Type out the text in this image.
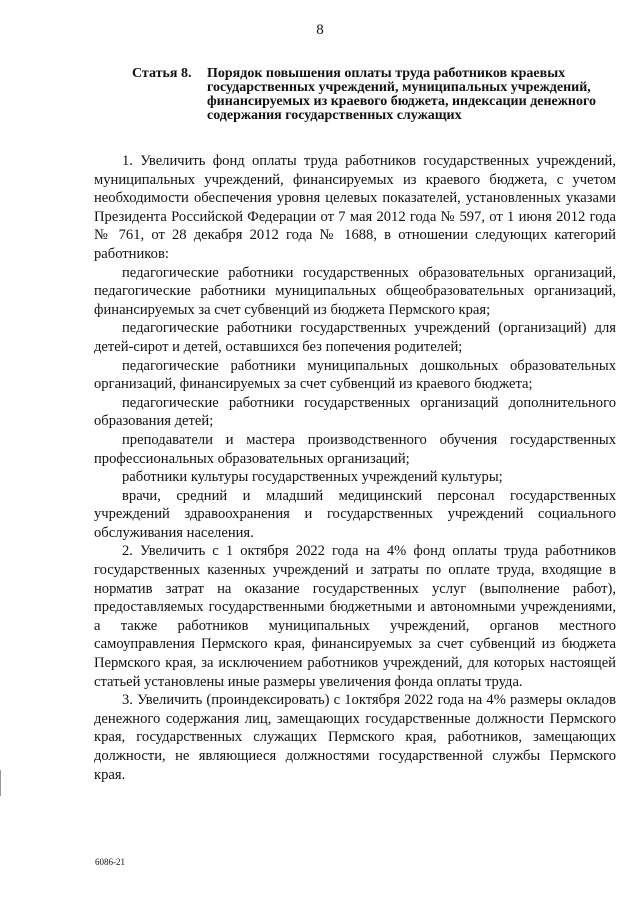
8
Статья 8.	Порядок повышения оплаты труда работников краевых государственных учреждений, муниципальных учреждений, финансируемых из краевого бюджета, индексации денежного содержания государственных служащих

1. Увеличить фонд оплаты труда работников государственных учреждений, муниципальных учреждений, финансируемых из краевого бюджета, с учетом необходимости обеспечения уровня целевых показателей, установленных указами Президента Российской Федерации от 7 мая 2012 года № 597, от 1 июня 2012 года № 761, от 28 декабря 2012 года № 1688, в отношении следующих категорий работников:

педагогические работники государственных образовательных организаций, педагогические работники муниципальных общеобразовательных организаций, финансируемых за счет субвенций из бюджета Пермского края;

педагогические работники государственных учреждений (организаций) для детей-сирот и детей, оставшихся без попечения родителей;

педагогические работники муниципальных дошкольных образовательных организаций, финансируемых за счет субвенций из краевого бюджета;

педагогические работники государственных организаций дополнительного образования детей;

преподаватели и мастера производственного обучения государственных профессиональных образовательных организаций;

работники культуры государственных учреждений культуры;

врачи, средний и младший медицинский персонал государственных учреждений здравоохранения и государственных учреждений социального обслуживания населения.

2. Увеличить с 1 октября 2022 года на 4% фонд оплаты труда работников государственных казенных учреждений и затраты по оплате труда, входящие в норматив затрат на оказание государственных услуг (выполнение работ), предоставляемых государственными бюджетными и автономными учреждениями, а также работников муниципальных учреждений, органов местного самоуправления Пермского края, финансируемых за счет субвенций из бюджета Пермского края, за исключением работников учреждений, для которых настоящей статьей установлены иные размеры увеличения фонда оплаты труда.

3. Увеличить (проиндексировать) с 1октября 2022 года на 4% размеры окладов денежного содержания лиц, замещающих государственные должности Пермского края, государственных служащих Пермского края, работников, замещающих должности, не являющиеся должностями государственной службы Пермского края.

6086-21
